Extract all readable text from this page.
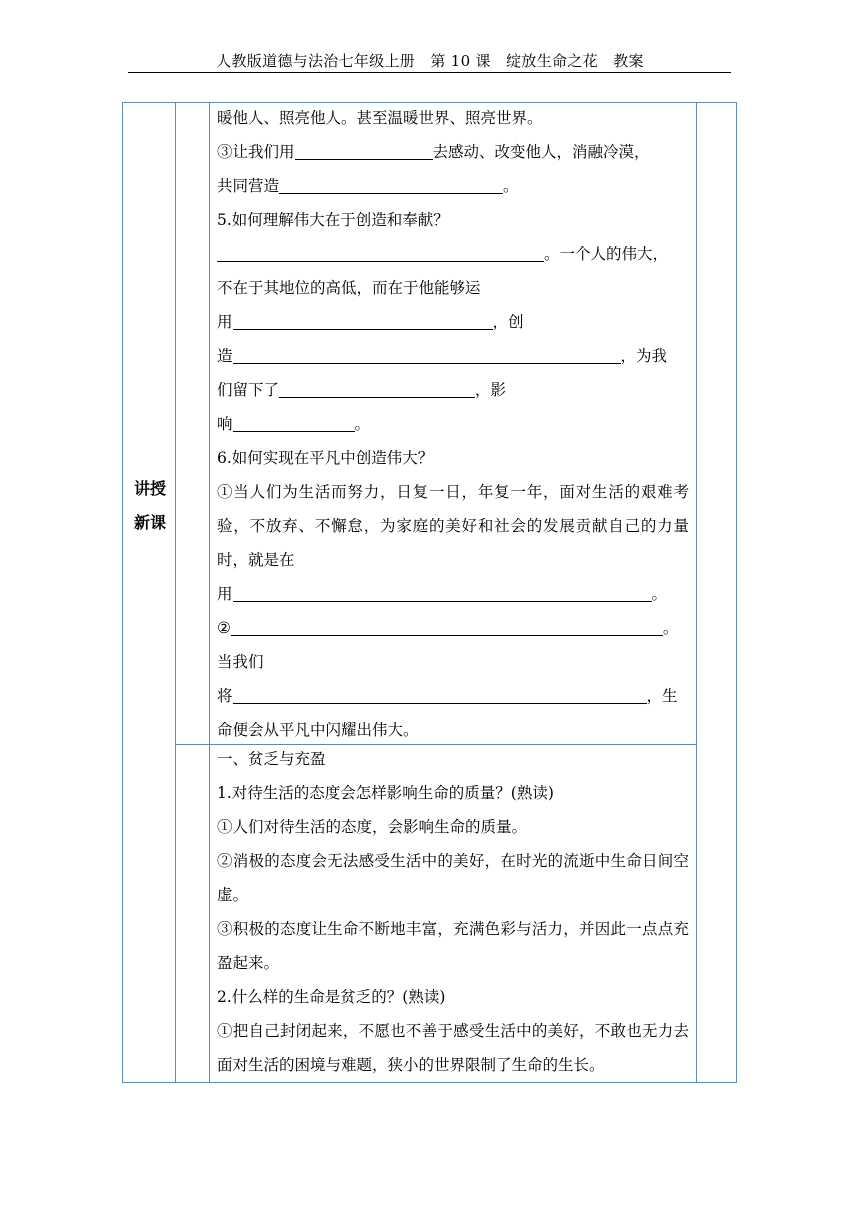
人教版道德与法治七年级上册　第 10 课　绽放生命之花　教案
讲授
新课

暖他人、照亮他人。甚至温暖世界、照亮世界。

③让我们用	去感动、改变他人，消融冷漠，

共同营造	。

5.如何理解伟大在于创造和奉献？

。一个人的伟大，

不在于其地位的高低，而在于他能够运

用	，创

造	，为我

们留下了	，影

响	。

6.如何实现在平凡中创造伟大？

①当人们为生活而努力，日复一日，年复一年，面对生活的艰难考验，不放弃、不懈怠，为家庭的美好和社会的发展贡献自己的力量时，就是在

用	。

②	。

当我们

将	，生

命便会从平凡中闪耀出伟大。

一、贫乏与充盈

1.对待生活的态度会怎样影响生命的质量？(熟读)

①人们对待生活的态度，会影响生命的质量。

②消极的态度会无法感受生活中的美好，在时光的流逝中生命日间空虚。

③积极的态度让生命不断地丰富，充满色彩与活力，并因此一点点充盈起来。

2.什么样的生命是贫乏的？(熟读)

①把自己封闭起来，不愿也不善于感受生活中的美好，不敢也无力去面对生活的困境与难题，狭小的世界限制了生命的生长。
